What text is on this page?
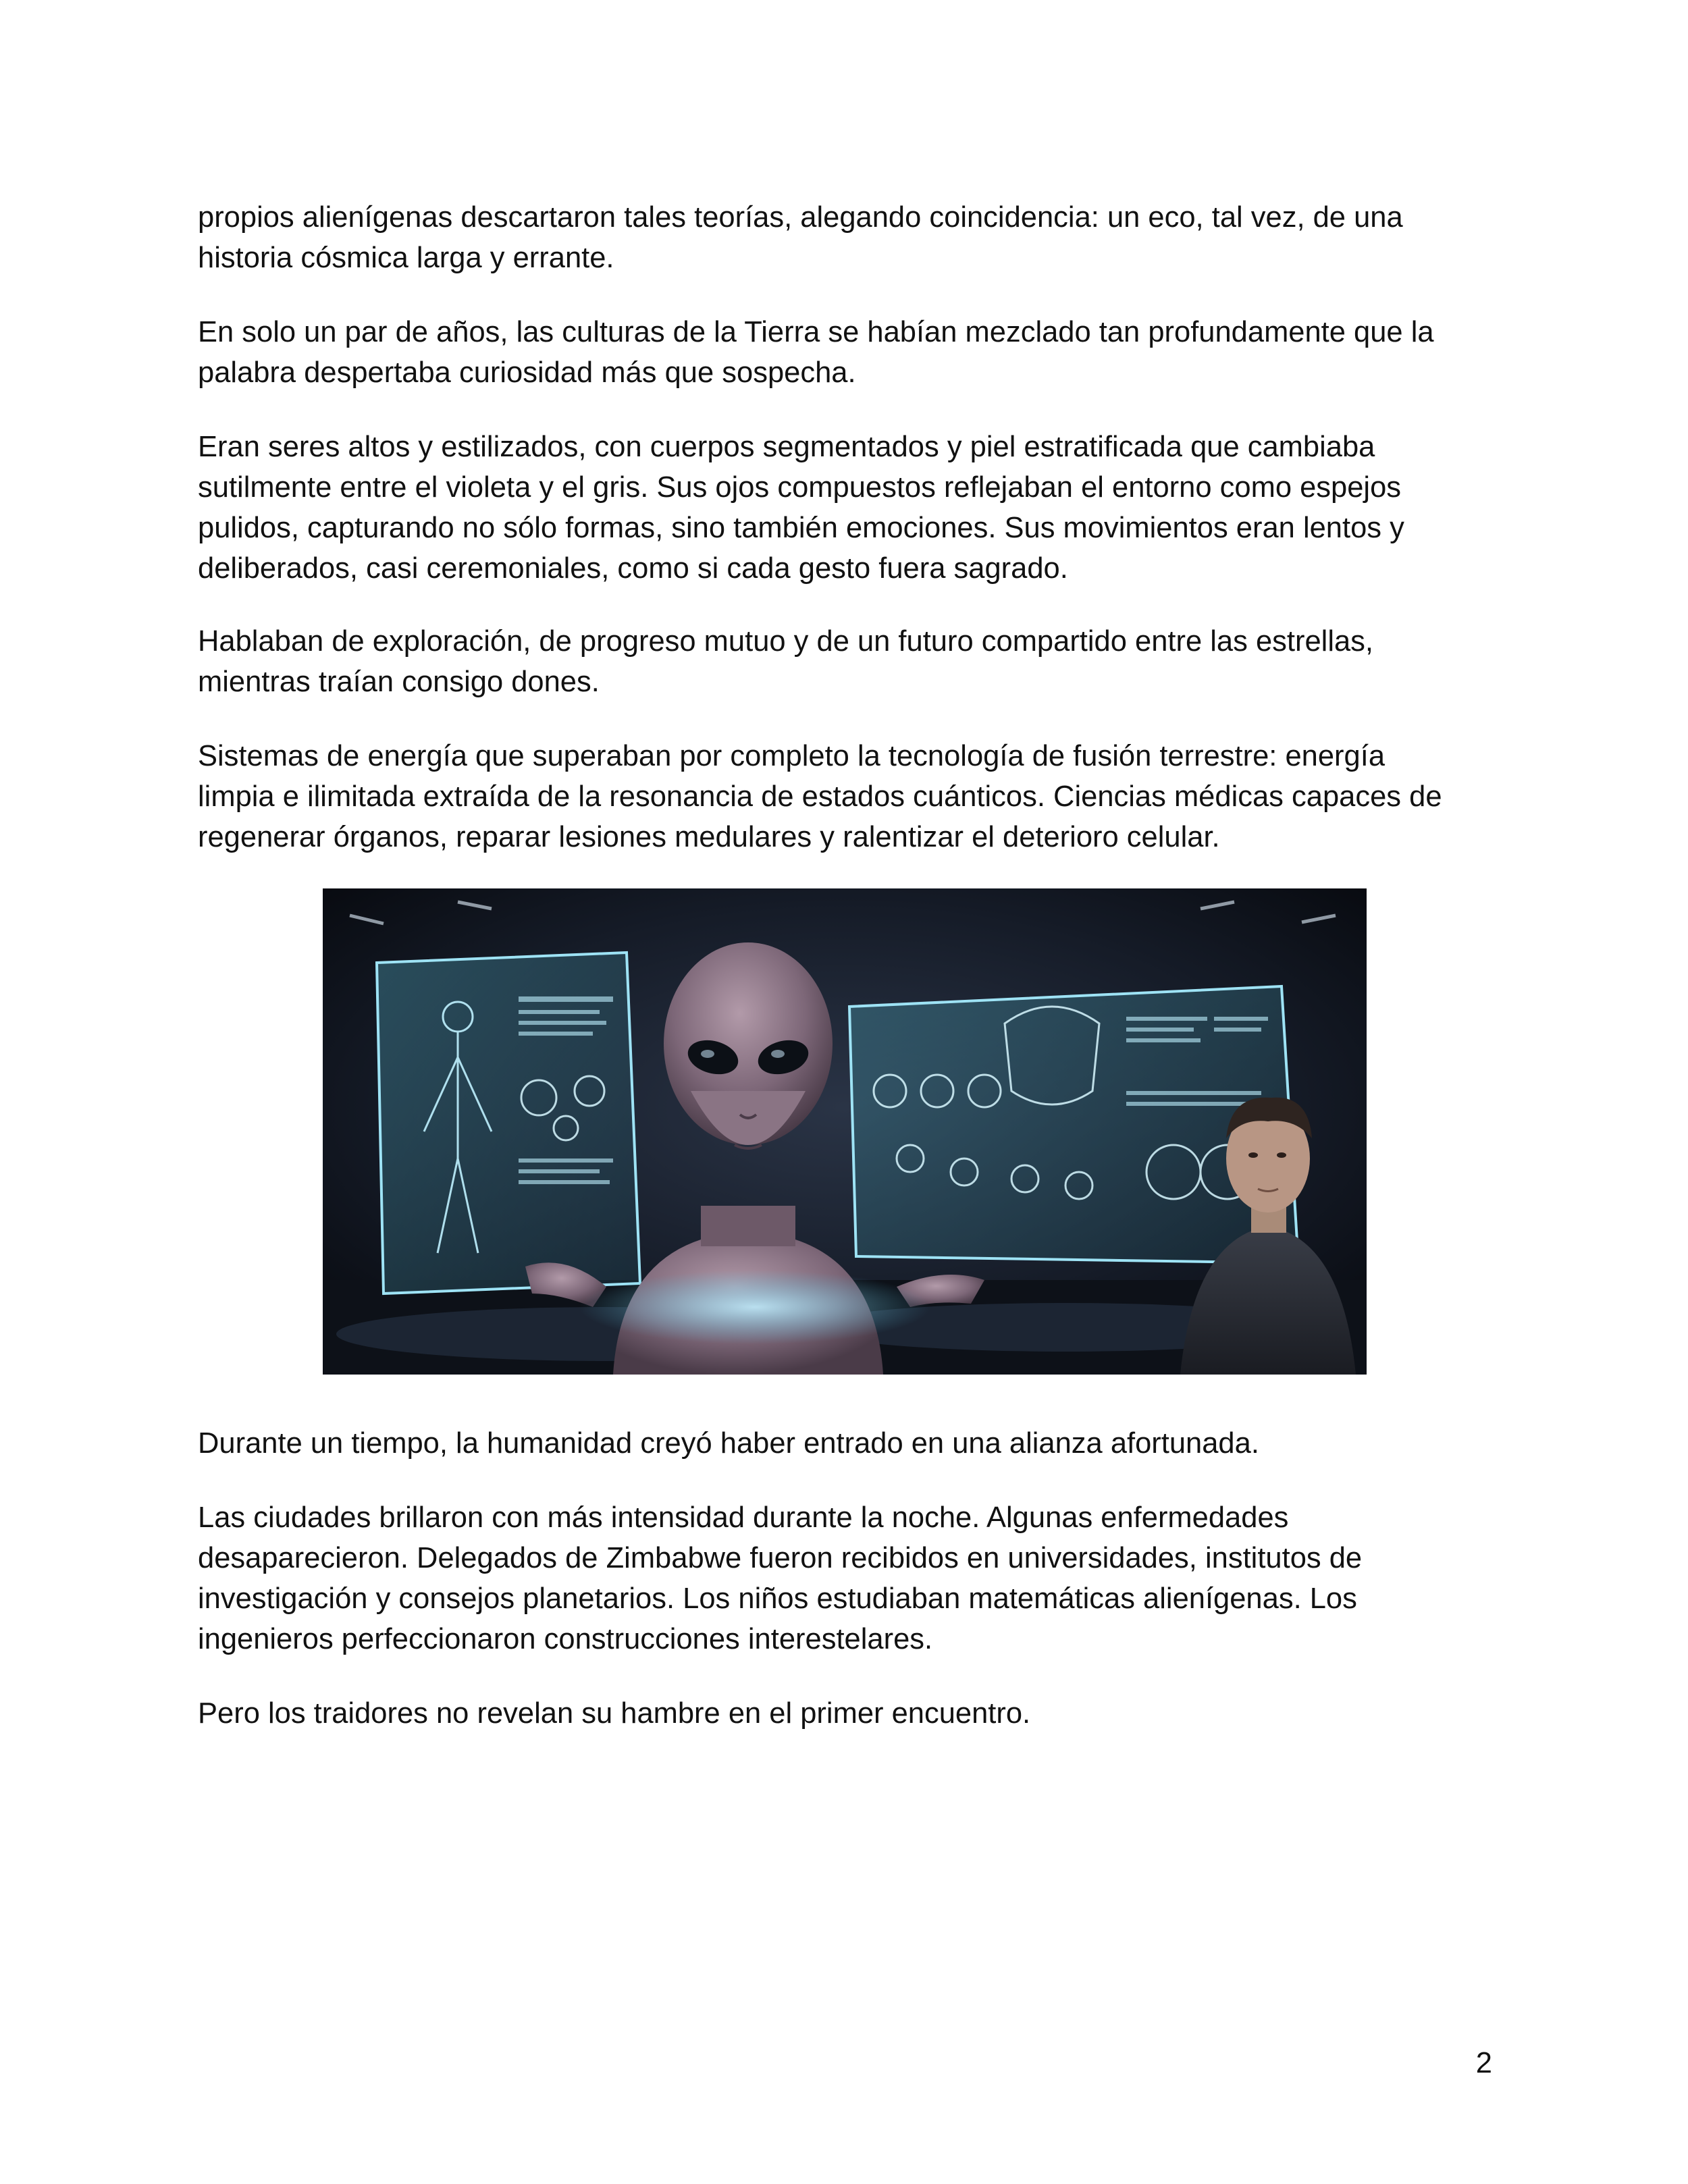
propios alienígenas descartaron tales teorías, alegando coincidencia: un eco, tal vez, de una
historia cósmica larga y errante.

En solo un par de años, las culturas de la Tierra se habían mezclado tan profundamente que la
palabra despertaba curiosidad más que sospecha.

Eran seres altos y estilizados, con cuerpos segmentados y piel estratificada que cambiaba
sutilmente entre el violeta y el gris. Sus ojos compuestos reflejaban el entorno como espejos
pulidos, capturando no sólo formas, sino también emociones. Sus movimientos eran lentos y
deliberados, casi ceremoniales, como si cada gesto fuera sagrado.

Hablaban de exploración, de progreso mutuo y de un futuro compartido entre las estrellas,
mientras traían consigo dones.

Sistemas de energía que superaban por completo la tecnología de fusión terrestre: energía
limpia e ilimitada extraída de la resonancia de estados cuánticos. Ciencias médicas capaces de
regenerar órganos, reparar lesiones medulares y ralentizar el deterioro celular.

Durante un tiempo, la humanidad creyó haber entrado en una alianza afortunada.

Las ciudades brillaron con más intensidad durante la noche. Algunas enfermedades
desaparecieron. Delegados de Zimbabwe fueron recibidos en universidades, institutos de
investigación y consejos planetarios. Los niños estudiaban matemáticas alienígenas. Los
ingenieros perfeccionaron construcciones interestelares.

Pero los traidores no revelan su hambre en el primer encuentro.

2
